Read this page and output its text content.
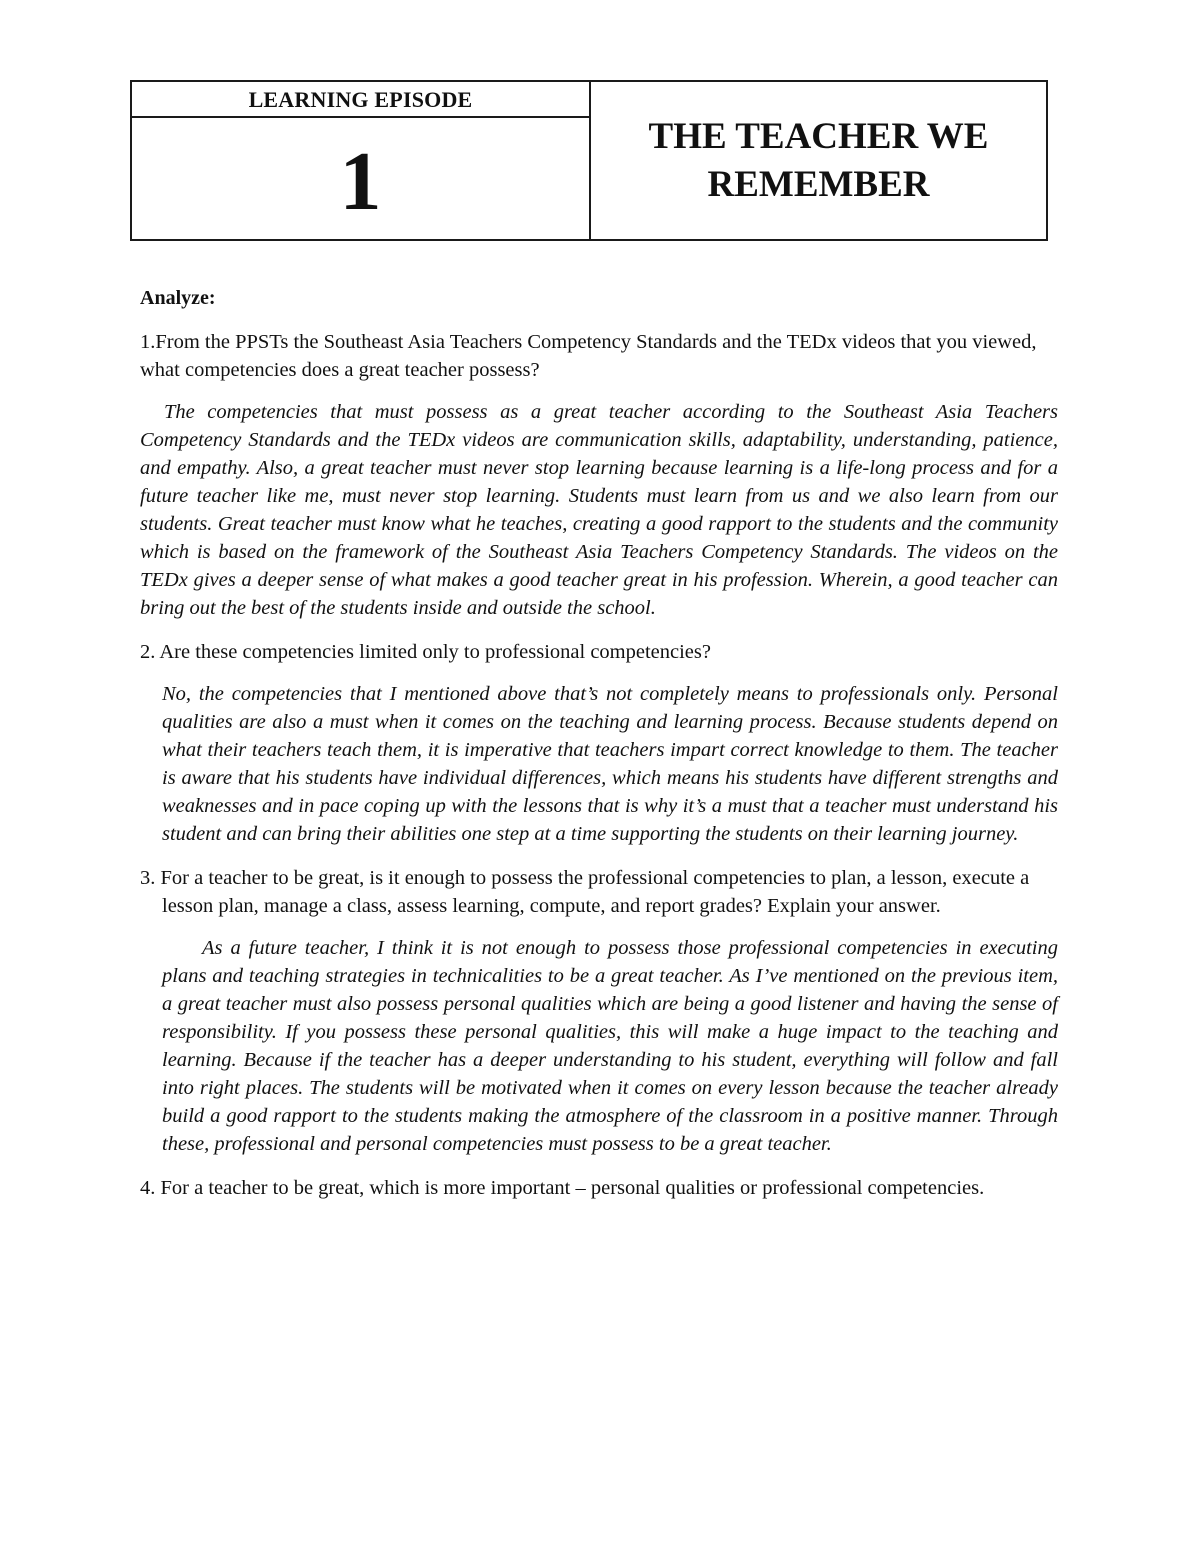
LEARNING EPISODE
1	THE TEACHER WE REMEMBER
Analyze:
1.From the PPSTs the Southeast Asia Teachers Competency Standards and the TEDx videos that you viewed, what competencies does a great teacher possess?
The competencies that must possess as a great teacher according to the Southeast Asia Teachers Competency Standards and the TEDx videos are communication skills, adaptability, understanding, patience, and empathy. Also, a great teacher must never stop learning because learning is a life-long process and for a future teacher like me, must never stop learning. Students must learn from us and we also learn from our students. Great teacher must know what he teaches, creating a good rapport to the students and the community which is based on the framework of the Southeast Asia Teachers Competency Standards. The videos on the TEDx gives a deeper sense of what makes a good teacher great in his profession. Wherein, a good teacher can bring out the best of the students inside and outside the school.
2. Are these competencies limited only to professional competencies?
No, the competencies that I mentioned above that’s not completely means to professionals only. Personal qualities are also a must when it comes on the teaching and learning process. Because students depend on what their teachers teach them, it is imperative that teachers impart correct knowledge to them. The teacher is aware that his students have individual differences, which means his students have different strengths and weaknesses and in pace coping up with the lessons that is why it’s a must that a teacher must understand his student and can bring their abilities one step at a time supporting the students on their learning journey.
3. For a teacher to be great, is it enough to possess the professional competencies to plan, a lesson, execute a lesson plan, manage a class, assess learning, compute, and report grades? Explain your answer.
As a future teacher, I think it is not enough to possess those professional competencies in executing plans and teaching strategies in technicalities to be a great teacher. As I’ve mentioned on the previous item, a great teacher must also possess personal qualities which are being a good listener and having the sense of responsibility. If you possess these personal qualities, this will make a huge impact to the teaching and learning. Because if the teacher has a deeper understanding to his student, everything will follow and fall into right places. The students will be motivated when it comes on every lesson because the teacher already build a good rapport to the students making the atmosphere of the classroom in a positive manner. Through these, professional and personal competencies must possess to be a great teacher.
4. For a teacher to be great, which is more important – personal qualities or professional competencies.
